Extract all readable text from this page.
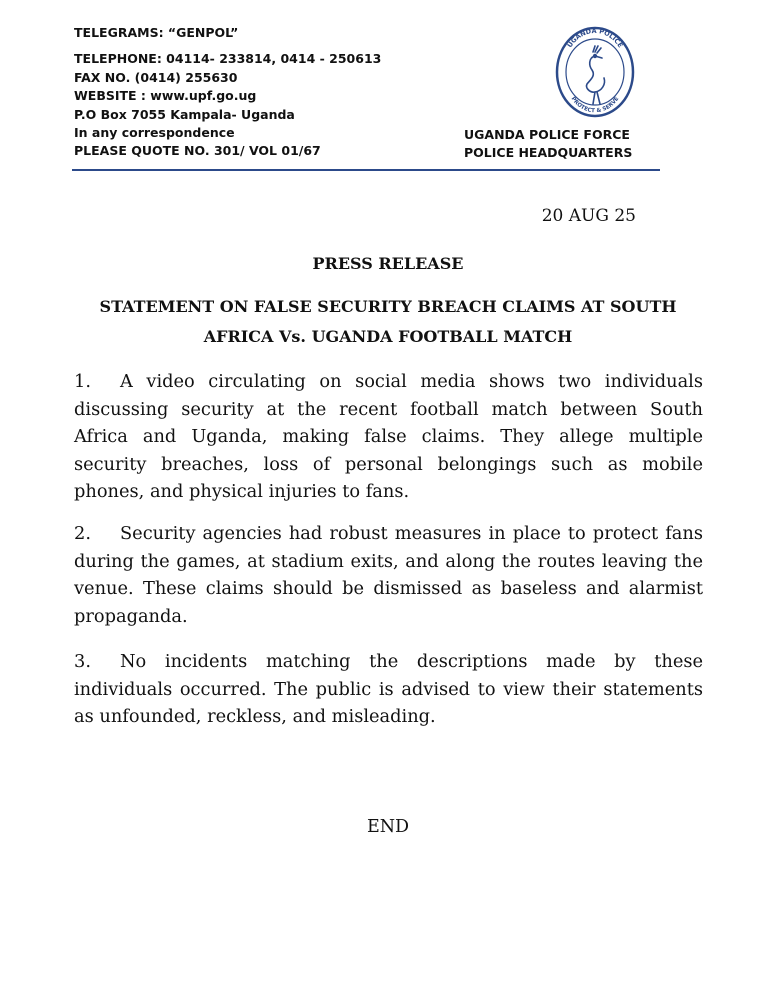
TELEGRAMS: “GENPOL”
TELEPHONE: 04114- 233814, 0414 - 250613
FAX NO. (0414) 255630
WEBSITE : www.upf.go.ug
P.O Box 7055 Kampala- Uganda
In any correspondence
PLEASE QUOTE NO. 301/ VOL 01/67
UGANDA POLICE FORCE
POLICE HEADQUARTERS
UGANDA POLICE
PROTECT & SERVE
20 AUG 25
PRESS RELEASE
STATEMENT ON FALSE SECURITY BREACH CLAIMS AT SOUTH AFRICA Vs. UGANDA FOOTBALL MATCH
1. A video circulating on social media shows two individuals discussing security at the recent football match between South Africa and Uganda, making false claims. They allege multiple security breaches, loss of personal belongings such as mobile phones, and physical injuries to fans.
2. Security agencies had robust measures in place to protect fans during the games, at stadium exits, and along the routes leaving the venue. These claims should be dismissed as baseless and alarmist propaganda.
3. No incidents matching the descriptions made by these individuals occurred. The public is advised to view their statements as unfounded, reckless, and misleading.
END
